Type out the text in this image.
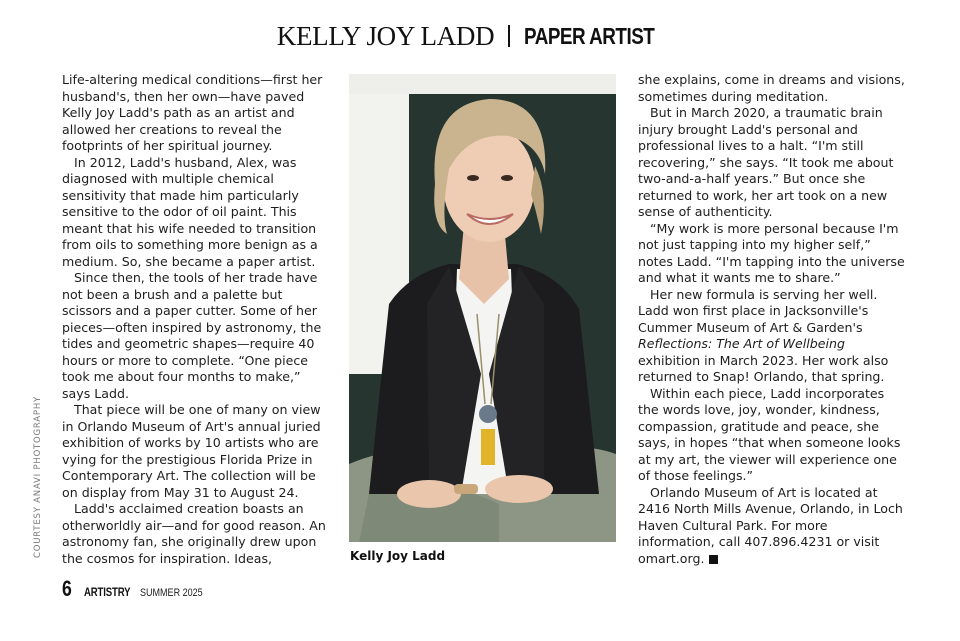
KELLY JOY LADD PAPER ARTIST

Life-altering medical conditions—first her husband's, then her own—have paved Kelly Joy Ladd's path as an artist and allowed her creations to reveal the footprints of her spiritual journey.

In 2012, Ladd's husband, Alex, was diagnosed with multiple chemical sensitivity that made him particularly sensitive to the odor of oil paint. This meant that his wife needed to transition from oils to something more benign as a medium. So, she became a paper artist.

Since then, the tools of her trade have not been a brush and a palette but scissors and a paper cutter. Some of her pieces—often inspired by astronomy, the tides and geometric shapes—require 40 hours or more to complete. “One piece took me about four months to make,” says Ladd.

That piece will be one of many on view in Orlando Museum of Art's annual juried exhibition of works by 10 artists who are vying for the prestigious Florida Prize in Contemporary Art. The collection will be on display from May 31 to August 24.

Ladd's acclaimed creation boasts an otherworldly air—and for good reason. An astronomy fan, she originally drew upon the cosmos for inspiration. Ideas,	Kelly Joy Ladd
COURTESY ANAVI PHOTOGRAPHY

she explains, come in dreams and visions, sometimes during meditation.

But in March 2020, a traumatic brain injury brought Ladd's personal and professional lives to a halt. “I'm still recovering,” she says. “It took me about two-and-a-half years.” But once she returned to work, her art took on a new sense of authenticity.

“My work is more personal because I'm not just tapping into my higher self,” notes Ladd. “I'm tapping into the universe and what it wants me to share.”

Her new formula is serving her well. Ladd won first place in Jacksonville's Cummer Museum of Art & Garden's Reflections: The Art of Wellbeing exhibition in March 2023. Her work also returned to Snap! Orlando, that spring.

Within each piece, Ladd incorporates the words love, joy, wonder, kindness, compassion, gratitude and peace, she says, in hopes “that when someone looks at my art, the viewer will experience one of those feelings.”

Orlando Museum of Art is located at 2416 North Mills Avenue, Orlando, in Loch Haven Cultural Park. For more information, call 407.896.4231 or visit omart.org.

6 ARTISTRY SUMMER 2025
